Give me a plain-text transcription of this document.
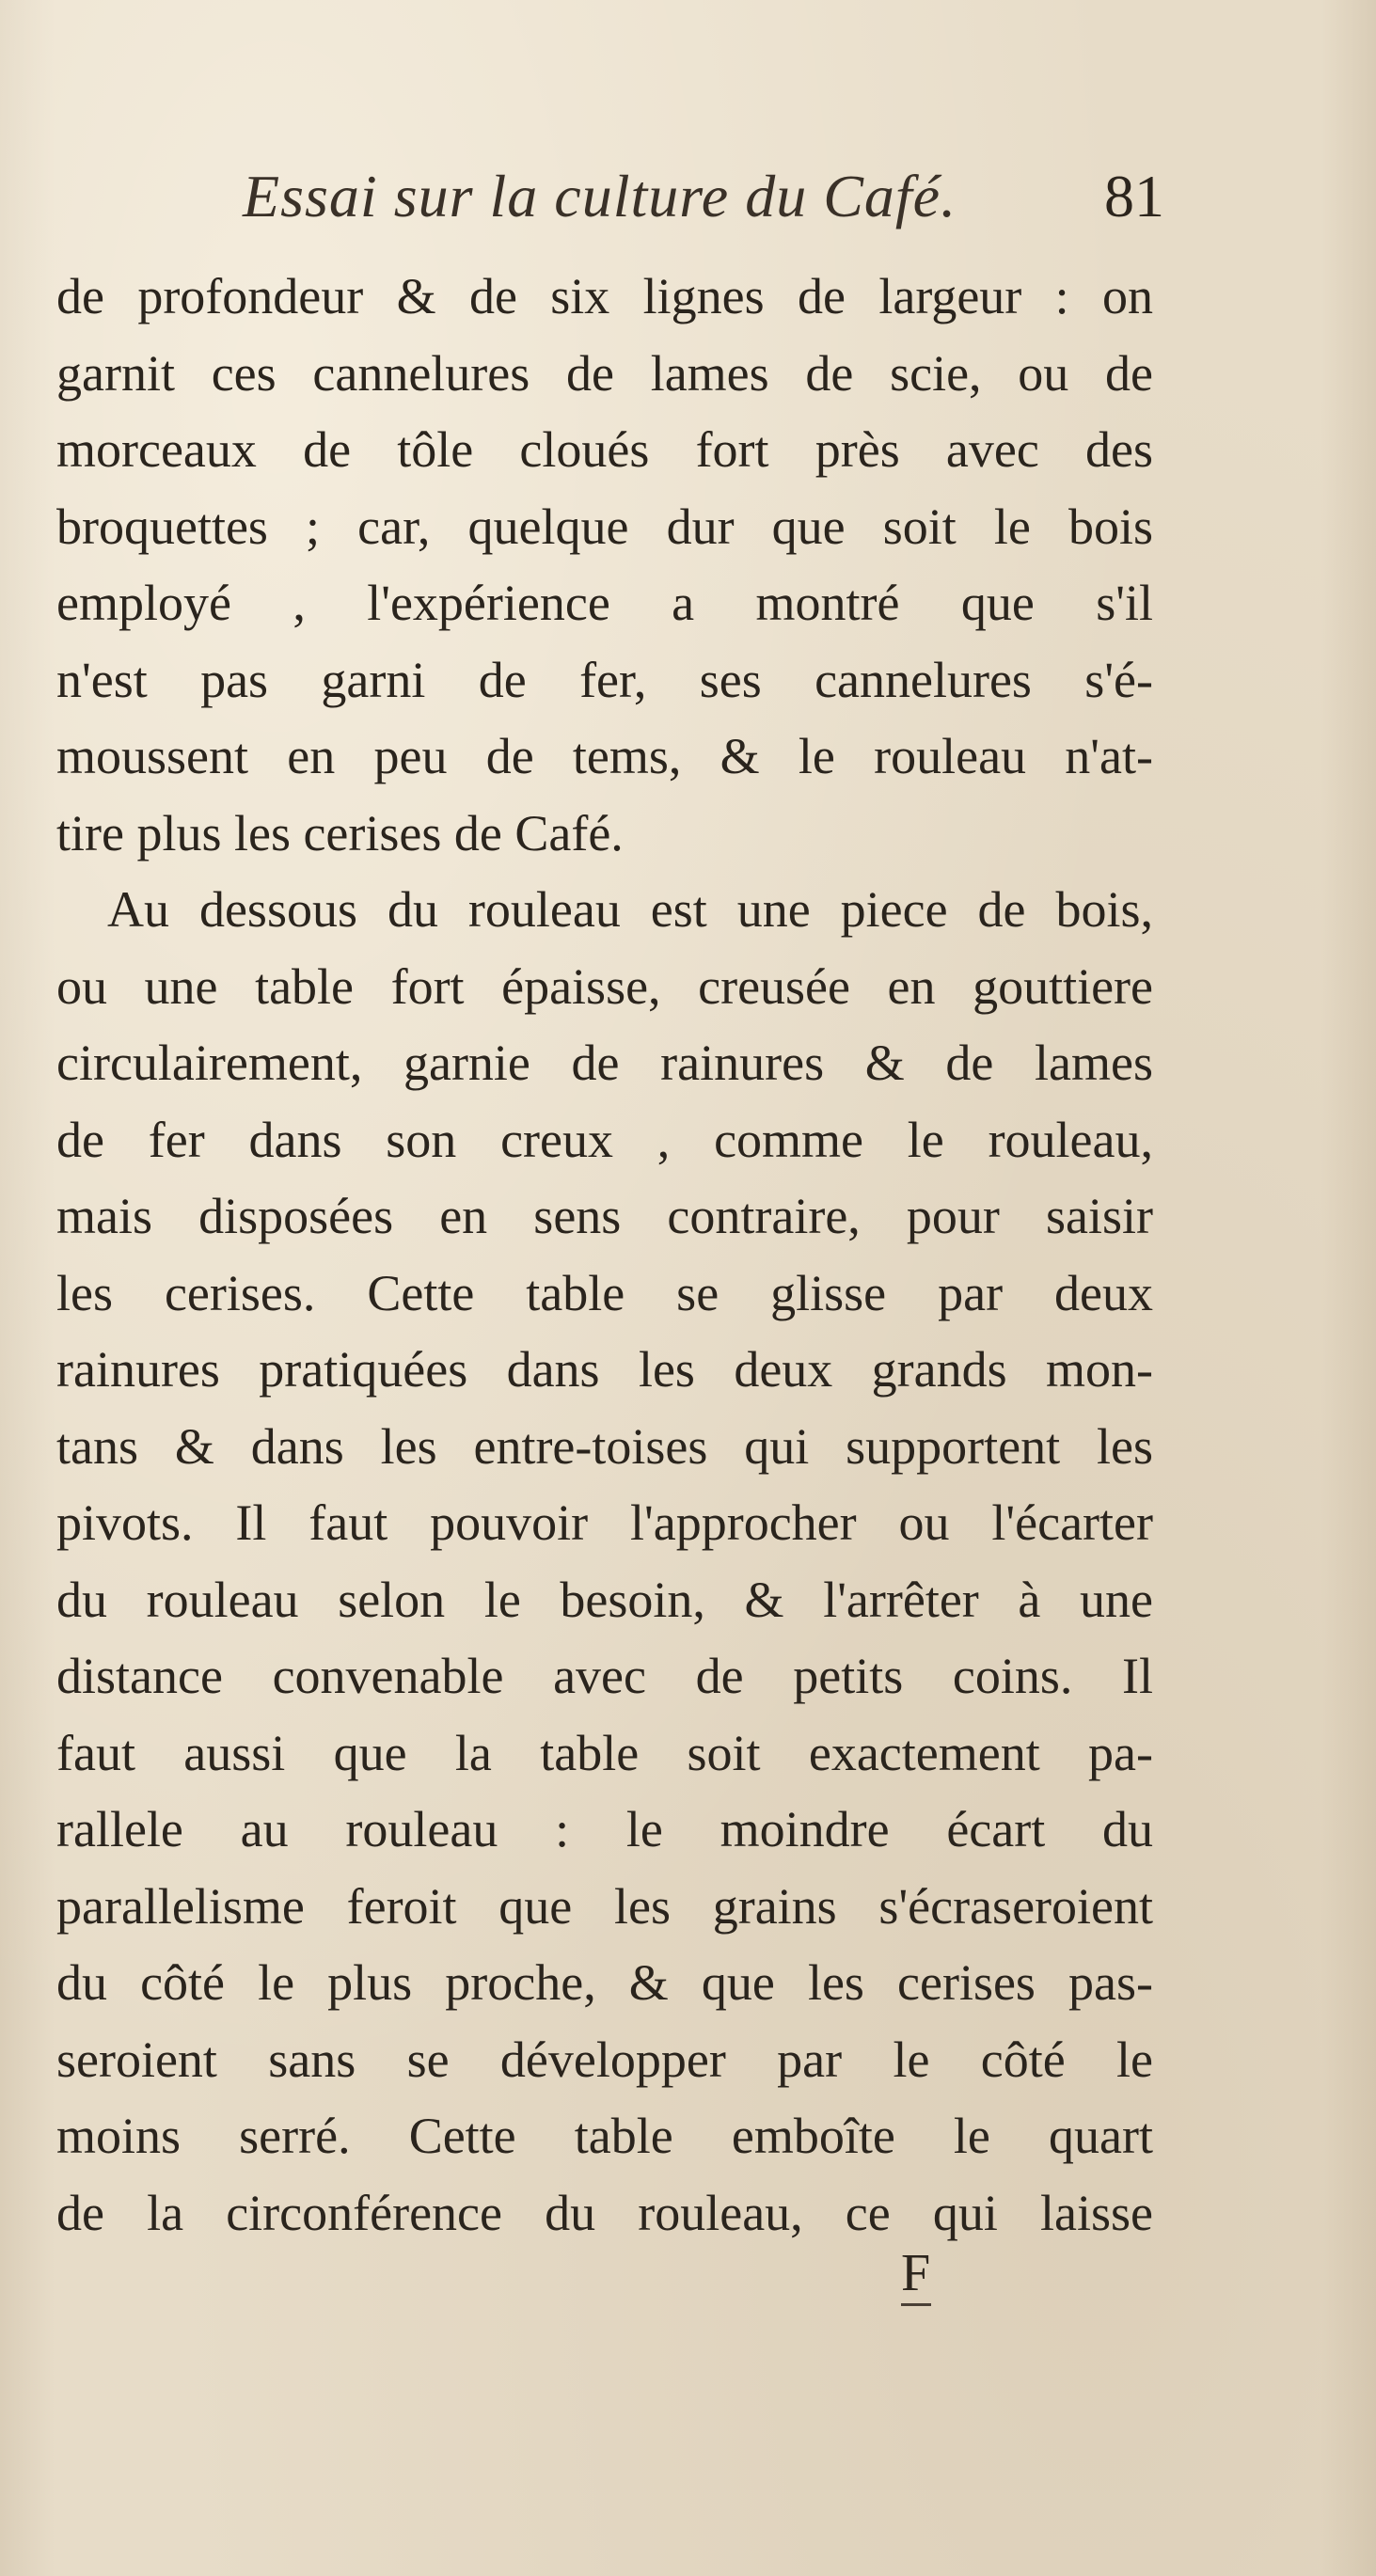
Essai sur la culture du Café. 81
de profondeur & de six lignes de largeur : on
garnit ces cannelures de lames de scie, ou de
morceaux de tôle cloués fort près avec des
broquettes ; car, quelque dur que soit le bois
employé , l'expérience a montré que s'il
n'est pas garni de fer, ses cannelures s'é-
moussent en peu de tems, & le rouleau n'at-
tire plus les cerises de Café.
Au dessous du rouleau est une piece de bois,
ou une table fort épaisse, creusée en gouttiere
circulairement, garnie de rainures & de lames
de fer dans son creux , comme le rouleau,
mais disposées en sens contraire, pour saisir
les cerises. Cette table se glisse par deux
rainures pratiquées dans les deux grands mon-
tans & dans les entre-toises qui supportent les
pivots. Il faut pouvoir l'approcher ou l'écarter
du rouleau selon le besoin, & l'arrêter à une
distance convenable avec de petits coins. Il
faut aussi que la table soit exactement pa-
rallele au rouleau : le moindre écart du
parallelisme feroit que les grains s'écraseroient
du côté le plus proche, & que les cerises pas-
seroient sans se développer par le côté le
moins serré. Cette table emboîte le quart
de la circonférence du rouleau, ce qui laisse
F
